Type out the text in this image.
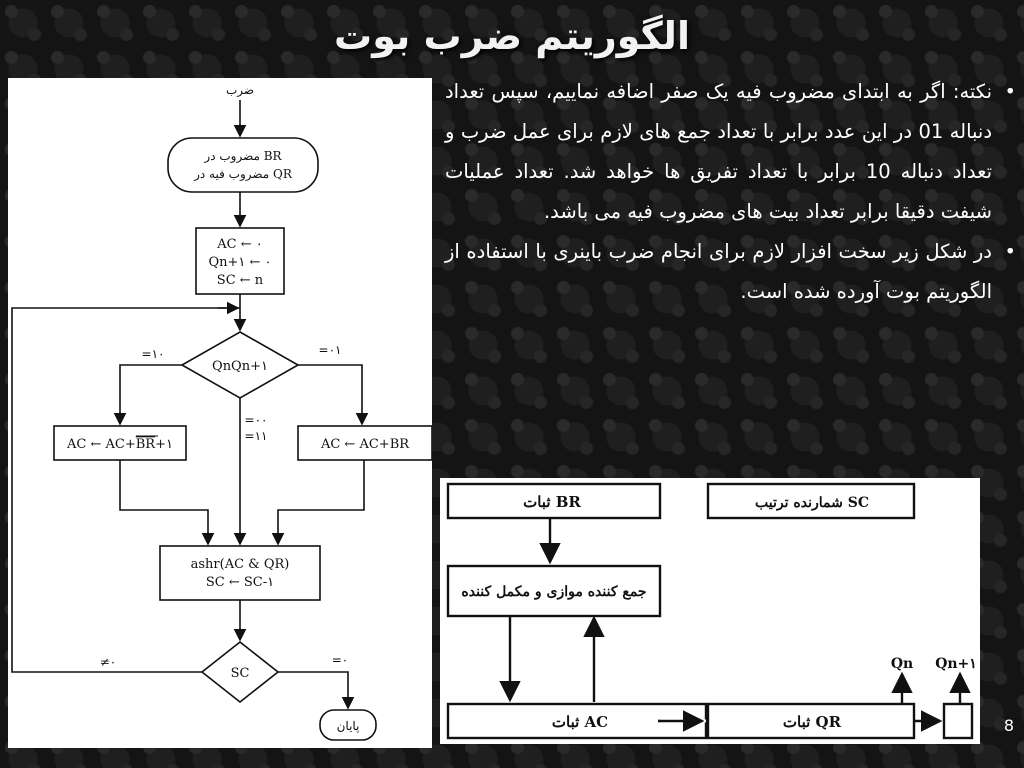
الگوریتم ضرب بوت
• نکته: اگر به ابتدای مضروب فیه یک صفر اضافه نماییم، سپس تعداد دنباله 01 در این عدد برابر با تعداد جمع های لازم برای عمل ضرب و تعداد دنباله 10 برابر با تعداد تفریق ها خواهد شد. تعداد عملیات شیفت دقیقا برابر تعداد بیت های مضروب فیه می باشد.
• در شکل زیر سخت افزار لازم برای انجام ضرب باینری با استفاده از الگوریتم بوت آورده شده است.
ضرب
مضروب در BR
مضروب فیه در QR
AC ← ۰
Qn+۱ ← ۰
SC ← n
QnQn+۱
=۱۰	=۰۱
=۰۰
=۱۱
AC ← AC+BR+۱	AC ← AC+BR
ashr(AC & QR)
SC ← SC-۱
SC
≠۰	=۰
پایان
ثبات BR	شمارنده ترتیب SC
جمع کننده موازی و مکمل کننده
ثبات AC	ثبات QR
Qn Qn+۱
8
